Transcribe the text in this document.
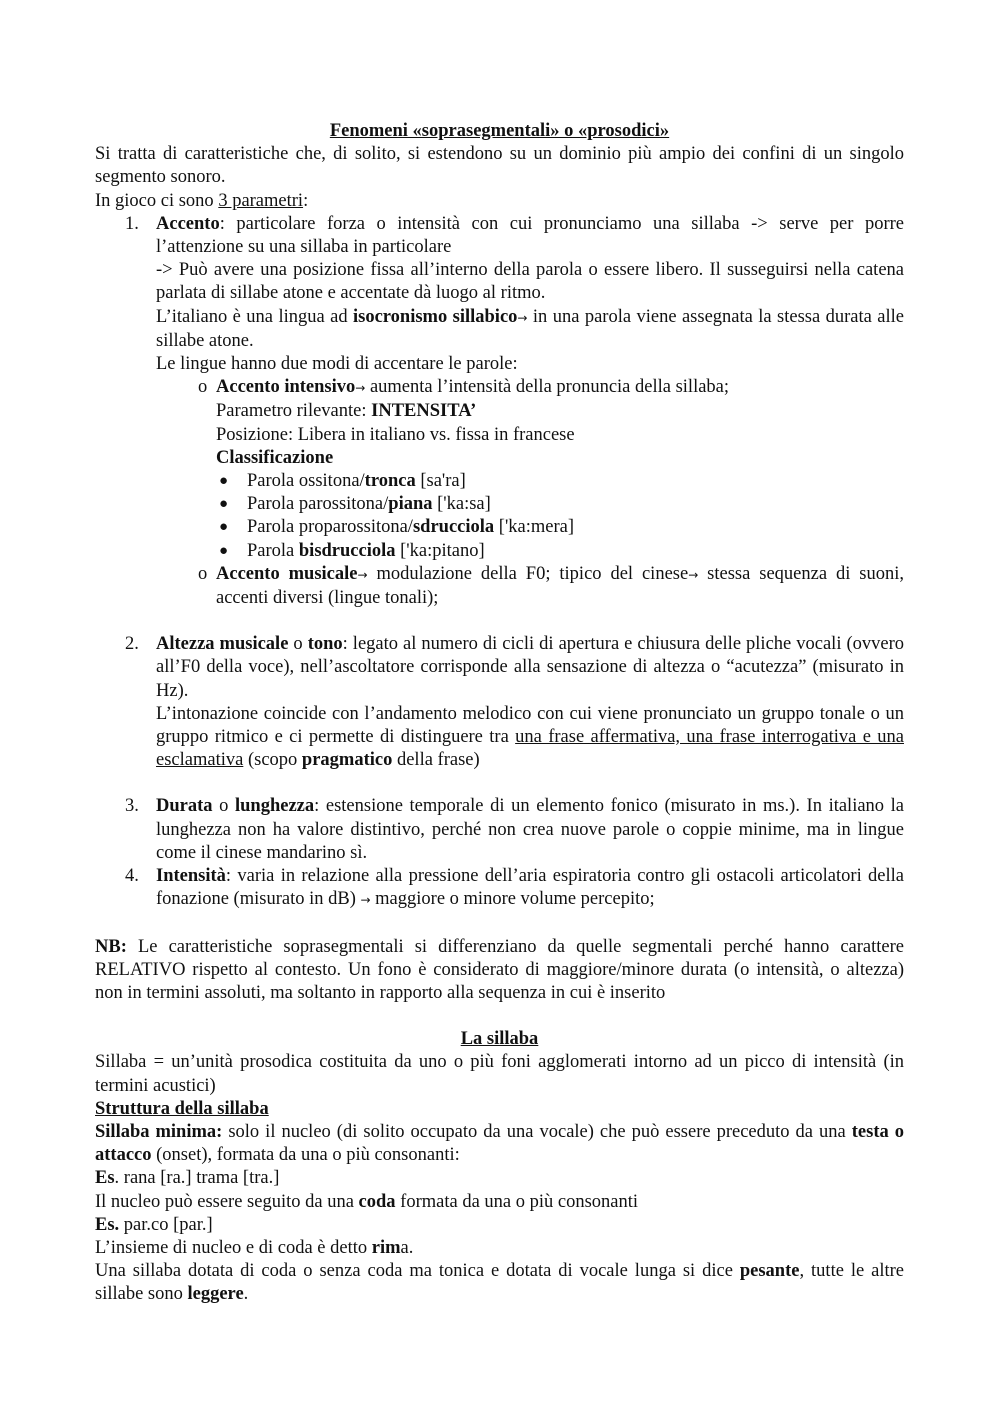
Fenomeni «soprasegmentali» o «prosodici»

Si tratta di caratteristiche che, di solito, si estendono su un dominio più ampio dei confini di un singolo segmento sonoro.

In gioco ci sono 3 parametri:

1. Accento: particolare forza o intensità con cui pronunciamo una sillaba -> serve per porre l’attenzione su una sillaba in particolare

-> Può avere una posizione fissa all’interno della parola o essere libero. Il susseguirsi nella catena parlata di sillabe atone e accentate dà luogo al ritmo.

L’italiano è una lingua ad isocronismo sillabico→ in una parola viene assegnata la stessa durata alle sillabe atone.

Le lingue hanno due modi di accentare le parole:

o Accento intensivo→ aumenta l’intensità della pronuncia della sillaba;

Parametro rilevante: INTENSITA’

Posizione: Libera in italiano vs. fissa in francese

Classificazione

● Parola ossitona/tronca [sa'ra]
● Parola parossitona/piana ['ka:sa]
● Parola proparossitona/sdrucciola ['ka:mera]
● Parola bisdrucciola ['ka:pitano]
o Accento musicale→ modulazione della F0; tipico del cinese→ stessa sequenza di suoni, accenti diversi (lingue tonali);

2. Altezza musicale o tono: legato al numero di cicli di apertura e chiusura delle pliche vocali (ovvero all’F0 della voce), nell’ascoltatore corrisponde alla sensazione di altezza o “acutezza” (misurato in Hz).

L’intonazione coincide con l’andamento melodico con cui viene pronunciato un gruppo tonale o un gruppo ritmico e ci permette di distinguere tra una frase affermativa, una frase interrogativa e una esclamativa (scopo pragmatico della frase)

3. Durata o lunghezza: estensione temporale di un elemento fonico (misurato in ms.). In italiano la lunghezza non ha valore distintivo, perché non crea nuove parole o coppie minime, ma in lingue come il cinese mandarino sì.

4. Intensità: varia in relazione alla pressione dell’aria espiratoria contro gli ostacoli articolatori della fonazione (misurato in dB) → maggiore o minore volume percepito;

NB: Le caratteristiche soprasegmentali si differenziano da quelle segmentali perché hanno carattere RELATIVO rispetto al contesto. Un fono è considerato di maggiore/minore durata (o intensità, o altezza) non in termini assoluti, ma soltanto in rapporto alla sequenza in cui è inserito

La sillaba

Sillaba = un’unità prosodica costituita da uno o più foni agglomerati intorno ad un picco di intensità (in termini acustici)

Struttura della sillaba

Sillaba minima: solo il nucleo (di solito occupato da una vocale) che può essere preceduto da una testa o attacco (onset), formata da una o più consonanti:

Es. rana [ra.] trama [tra.]

Il nucleo può essere seguito da una coda formata da una o più consonanti

Es. par.co [par.]

L’insieme di nucleo e di coda è detto rima.

Una sillaba dotata di coda o senza coda ma tonica e dotata di vocale lunga si dice pesante, tutte le altre sillabe sono leggere.
